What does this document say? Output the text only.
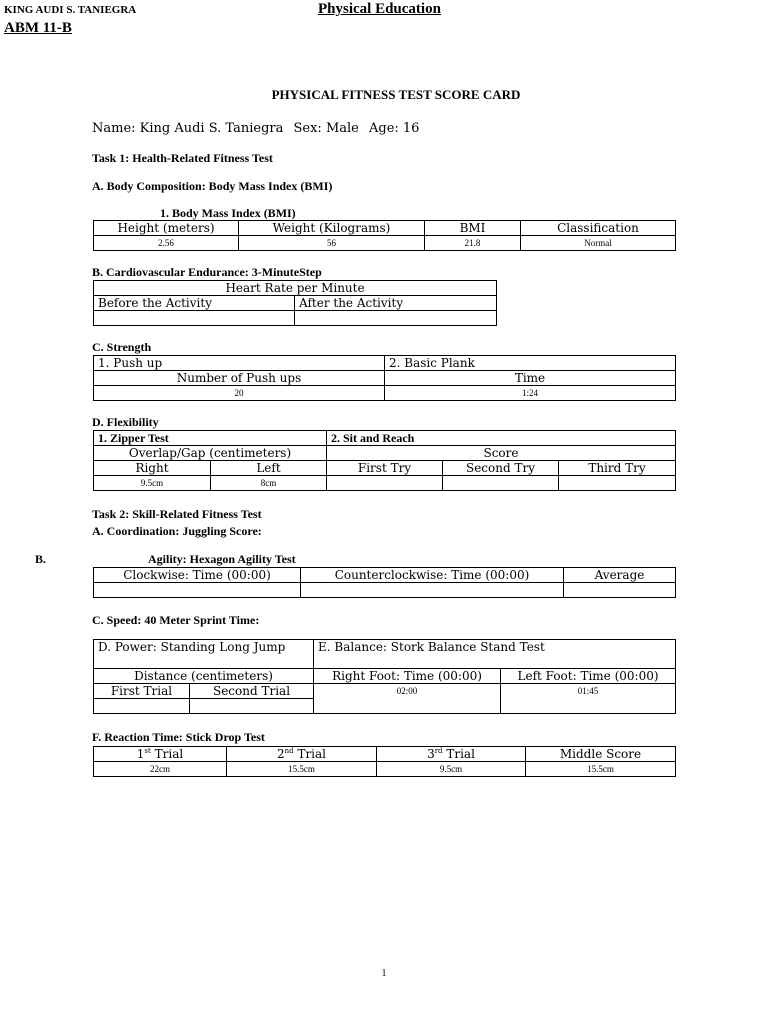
KING AUDI S. TANIEGRA
ABM 11-B
Physical Education
PHYSICAL FITNESS TEST SCORE CARD
Name: King Audi S. Taniegra Sex: Male Age: 16
Task 1: Health-Related Fitness Test
A. Body Composition: Body Mass Index (BMI)
1. Body Mass Index (BMI)
Height (meters)	Weight (Kilograms)	BMI	Classification
2.56	56	21.8	Normal
B. Cardiovascular Endurance: 3-MinuteStep
Heart Rate per Minute	
Before the Activity	After the Activity

C. Strength
1. Push up	2. Basic Plank
Number of Push ups	Time
20	1:24
D. Flexibility
1. Zipper Test		2. Sit and Reach		
Overlap/Gap (centimeters)		Score		
Right	Left	First Try	Second Try	Third Try
9.5cm	8cm			
Task 2: Skill-Related Fitness Test
A. Coordination: Juggling Score:
B.	Agility: Hexagon Agility Test
Clockwise: Time (00:00)	Counterclockwise: Time (00:00)	Average

C. Speed: 40 Meter Sprint Time:
D. Power: Standing Long Jump		E. Balance: Stork Balance Stand Test	
Distance (centimeters)		Right Foot: Time (00:00)	Left Foot: Time (00:00)
First Trial	Second Trial	02:00	01:45

F. Reaction Time: Stick Drop Test
1st Trial	2nd Trial	3rd Trial	Middle Score
22cm	15.5cm	9.5cm	15.5cm
1
